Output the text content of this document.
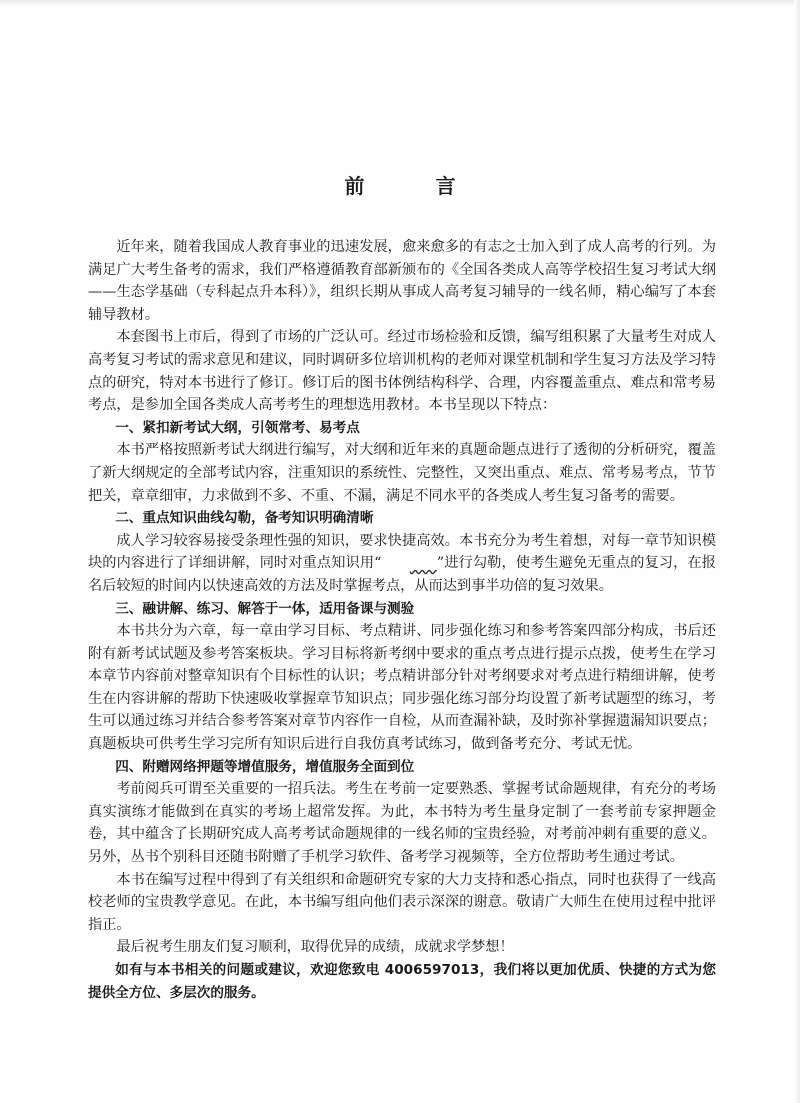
前 言

近年来，随着我国成人教育事业的迅速发展，愈来愈多的有志之士加入到了成人高考的行列。为满足广大考生备考的需求，我们严格遵循教育部新颁布的《全国各类成人高等学校招生复习考试大纲——生态学基础（专科起点升本科）》，组织长期从事成人高考复习辅导的一线名师，精心编写了本套辅导教材。

本套图书上市后，得到了市场的广泛认可。经过市场检验和反馈，编写组积累了大量考生对成人高考复习考试的需求意见和建议，同时调研多位培训机构的老师对课堂机制和学生复习方法及学习特点的研究，特对本书进行了修订。修订后的图书体例结构科学、合理，内容覆盖重点、难点和常考易考点，是参加全国各类成人高考考生的理想选用教材。本书呈现以下特点：

一、紧扣新考试大纲，引领常考、易考点

本书严格按照新考试大纲进行编写，对大纲和近年来的真题命题点进行了透彻的分析研究，覆盖了新大纲规定的全部考试内容，注重知识的系统性、完整性，又突出重点、难点、常考易考点，节节把关，章章细审，力求做到不多、不重、不漏，满足不同水平的各类成人考生复习备考的需要。

二、重点知识曲线勾勒，备考知识明确清晰

成人学习较容易接受条理性强的知识，要求快捷高效。本书充分为考生着想，对每一章节知识模块的内容进行了详细讲解，同时对重点知识用“	”进行勾勒，使考生避免无重点的复习，在报名后较短的时间内以快速高效的方法及时掌握考点，从而达到事半功倍的复习效果。

三、融讲解、练习、解答于一体，适用备课与测验

本书共分为六章，每一章由学习目标、考点精讲、同步强化练习和参考答案四部分构成，书后还附有新考试试题及参考答案板块。学习目标将新考纲中要求的重点考点进行提示点拨，使考生在学习本章节内容前对整章知识有个目标性的认识；考点精讲部分针对考纲要求对考点进行精细讲解，使考生在内容讲解的帮助下快速吸收掌握章节知识点；同步强化练习部分均设置了新考试题型的练习，考生可以通过练习并结合参考答案对章节内容作一自检，从而查漏补缺，及时弥补掌握遗漏知识要点；真题板块可供考生学习完所有知识后进行自我仿真考试练习，做到备考充分、考试无忧。

四、附赠网络押题等增值服务，增值服务全面到位

考前阅兵可谓至关重要的一招兵法。考生在考前一定要熟悉、掌握考试命题规律，有充分的考场真实演练才能做到在真实的考场上超常发挥。为此，本书特为考生量身定制了一套考前专家押题金卷，其中蕴含了长期研究成人高考考试命题规律的一线名师的宝贵经验，对考前冲刺有重要的意义。另外，丛书个别科目还随书附赠了手机学习软件、备考学习视频等，全方位帮助考生通过考试。

本书在编写过程中得到了有关组织和命题研究专家的大力支持和悉心指点，同时也获得了一线高校老师的宝贵教学意见。在此，本书编写组向他们表示深深的谢意。敬请广大师生在使用过程中批评指正。

最后祝考生朋友们复习顺利，取得优异的成绩，成就求学梦想！

如有与本书相关的问题或建议，欢迎您致电 4006597013，我们将以更加优质、快捷的方式为您提供全方位、多层次的服务。
